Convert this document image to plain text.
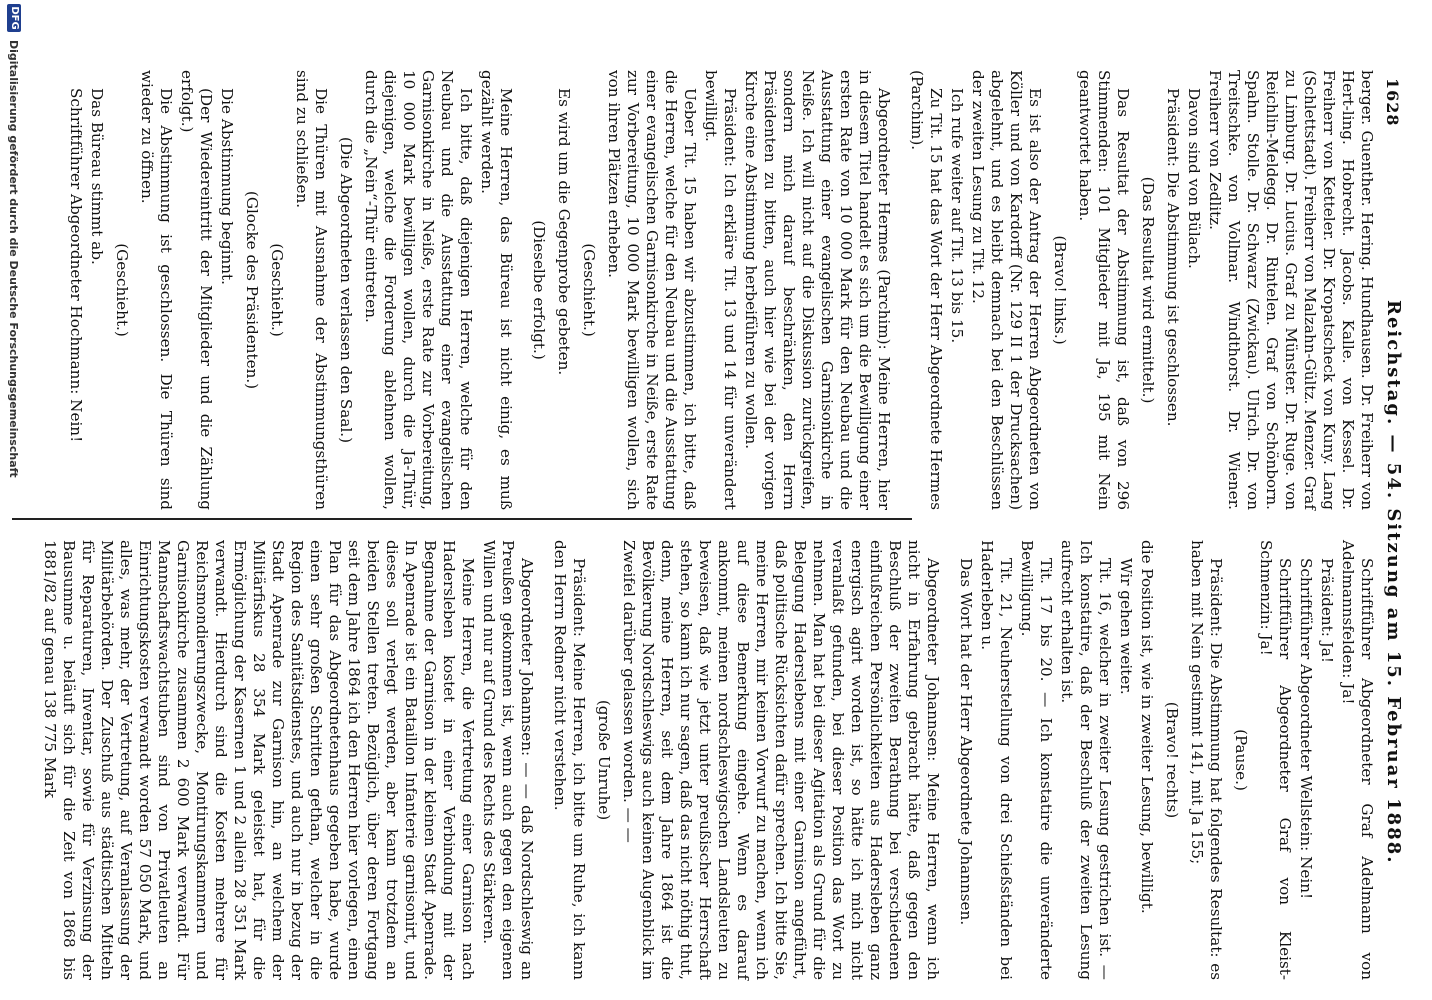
1628
Reichstag. — 54. Sitzung am 15. Februar 1888.

berger. Guenther. Hering. Hundhausen. Dr. Freiherr von Hert-ling. Hobrecht. Jacobs. Kalle. von Kessel. Dr. Freiherr von Ketteler. Dr. Kropatscheck von Kuny. Lang (Schlettstadt). Freiherr von Malzahn-Gültz. Menzer. Graf zu Limburg. Dr. Lucius. Graf zu Münster. Dr. Ruge. von Reichlin-Meldegg. Dr. Rintelen. Graf von Schönborn. Spahn. Stolle. Dr. Schwarz (Zwickau). Ulrich. Dr. von Treitschke. von Vollmar. Windthorst. Dr. Wiener. Freiherr von Zedlitz.

Davon sind von Bülach.

Präsident: Die Abstimmung ist geschlossen.

(Das Resultat wird ermittelt.)

Das Resultat der Abstimmung ist, daß von 296 Stimmenden: 101 Mitglieder mit Ja, 195 mit Nein geantwortet haben.

(Bravo! links.)

Es ist also der Antrag der Herren Abgeordneten von Köller und von Kardorff (Nr. 129 II 1 der Drucksachen) abgelehnt, und es bleibt demnach bei den Beschlüssen der zweiten Lesung zu Tit. 12.

Ich rufe weiter auf Tit. 13 bis 15.

Zu Tit. 15 hat das Wort der Herr Abgeordnete Hermes (Parchim).

Abgeordneter Hermes (Parchim): Meine Herren, hier in diesem Titel handelt es sich um die Bewilligung einer ersten Rate von 10 000 Mark für den Neubau und die Ausstattung einer evangelischen Garnisonkirche in Neiße. Ich will nicht auf die Diskussion zurückgreifen, sondern mich darauf beschränken, den Herrn Präsidenten zu bitten, auch hier wie bei der vorigen Kirche eine Abstimmung herbeiführen zu wollen.

Präsident: Ich erkläre Tit. 13 und 14 für unverändert bewilligt.

Ueber Tit. 15 haben wir abzustimmen, ich bitte, daß die Herren, welche für den Neubau und die Ausstattung einer evangelischen Garnisonkirche in Neiße, erste Rate zur Vorbereitung, 10 000 Mark bewilligen wollen, sich von ihren Plätzen erheben.

(Geschieht.)

Es wird um die Gegenprobe gebeten.

(Dieselbe erfolgt.)

Meine Herren, das Büreau ist nicht einig, es muß gezählt werden.

Ich bitte, daß diejenigen Herren, welche für den Neubau und die Ausstattung einer evangelischen Garnisonkirche in Neiße, erste Rate zur Vorbereitung, 10 000 Mark bewilligen wollen, durch die Ja-Thür, diejenigen, welche die Forderung ablehnen wollen, durch die „Nein“-Thür eintreten.

(Die Abgeordneten verlassen den Saal.)

Die Thüren mit Ausnahme der Abstimmungsthüren sind zu schließen.

(Geschieht.)

(Glocke des Präsidenten.)

Die Abstimmung beginnt.

(Der Wiedereintritt der Mitglieder und die Zählung erfolgt.)

Die Abstimmung ist geschlossen. Die Thüren sind wieder zu öffnen.

(Geschieht.)

Das Büreau stimmt ab.

Schriftführer Abgeordneter Hochmann: Nein!

Schriftführer Abgeordneter Graf Adelmann von Adelmannsfelden: Ja!

Präsident: Ja!

Schriftführer Abgeordneter Wellstein: Nein!

Schriftführer Abgeordneter Graf von Kleist-Schmenzin: Ja!

(Pause.)

Präsident: Die Abstimmung hat folgendes Resultat: es haben mit Nein gestimmt 141, mit Ja 155;

(Bravo! rechts)

die Position ist, wie in zweiter Lesung, bewilligt.

Wir gehen weiter.

Tit. 16, welcher in zweiter Lesung gestrichen ist. — Ich konstatire, daß der Beschluß der zweiten Lesung aufrecht erhalten ist.

Tit. 17 bis 20. — Ich konstatire die unveränderte Bewilligung.

Tit. 21, Neuherstellung von drei Schießständen bei Haderleben u.

Das Wort hat der Herr Abgeordnete Johannsen.

Abgeordneter Johannsen: Meine Herren, wenn ich nicht in Erfahrung gebracht hätte, daß gegen den Beschluß der zweiten Berathung bei verschiedenen einflußreichen Persönlichkeiten aus Hadersleben ganz energisch agirt worden ist, so hätte ich mich nicht veranlaßt gefunden, bei dieser Position das Wort zu nehmen. Man hat bei dieser Agitation als Grund für die Belegung Haderslebens mit einer Garnison angeführt, daß politische Rücksichten dafür sprechen. Ich bitte Sie, meine Herren, mir keinen Vorwurf zu machen, wenn ich auf diese Bemerkung eingehe. Wenn es darauf ankommt, meinen nordschleswigschen Landsleuten zu beweisen, daß wie jetzt unter preußischer Herrschaft stehen, so kann ich nur sagen, daß das nicht nöthig thut, denn, meine Herren, seit dem Jahre 1864 ist die Bevölkerung Nordschleswigs auch keinen Augenblick im Zweifel darüber gelassen worden. — —

(große Unruhe)

Präsident: Meine Herren, ich bitte um Ruhe, ich kann den Herrn Redner nicht verstehen.

Abgeordneter Johannsen: — — daß Nordschleswig an Preußen gekommen ist, wenn auch gegen den eigenen Willen und nur auf Grund des Rechts des Stärkeren.

Meine Herren, die Vertretung einer Garnison nach Hadersleben kostet in einer Verbindung mit der Begnahme der Garnison in der kleinen Stadt Apenrade. In Apenrade ist ein Bataillon Infanterie garnisonirt, und dieses soll verlegt werden, aber kann trotzdem an beiden Stellen treten. Bezüglich, über deren Fortgang seit dem Jahre 1864 ich den Herren hier vorlegen, einen Plan für das Abgeordnetenhaus gegeben habe, wurde einen sehr großen Schritten gethan, welcher in die Region des Sanitätsdienstes, und auch nur in bezug der Stadt Apenrade zur Garnison hin, an welchem der Militärfiskus 28 354 Mark geleistet hat, für die Ermöglichung der Kasernen 1 und 2 allein 28 351 Mark verwandt. Hierdurch sind die Kosten mehrere für Reichsmondierungszwecke, Montirungskammern und Garnisonkirche zusammen 2 600 Mark verwandt. Für Mannschaftswachtstuben sind von Privatleuten an Einrichtungskosten verwandt worden 57 050 Mark, und alles, was mehr, der Vertretung, auf Veranlassung der Militärbehörden. Der Zuschuß aus städtischen Mitteln für Reparaturen, Inventar, sowie für Verzinsung der Bausumme u. beläuft sich für die Zeit von 1868 bis 1881/82 auf genau 138 775 Mark

DFG
Digitalisierung gefördert durch die Deutsche Forschungsgemeinschaft
